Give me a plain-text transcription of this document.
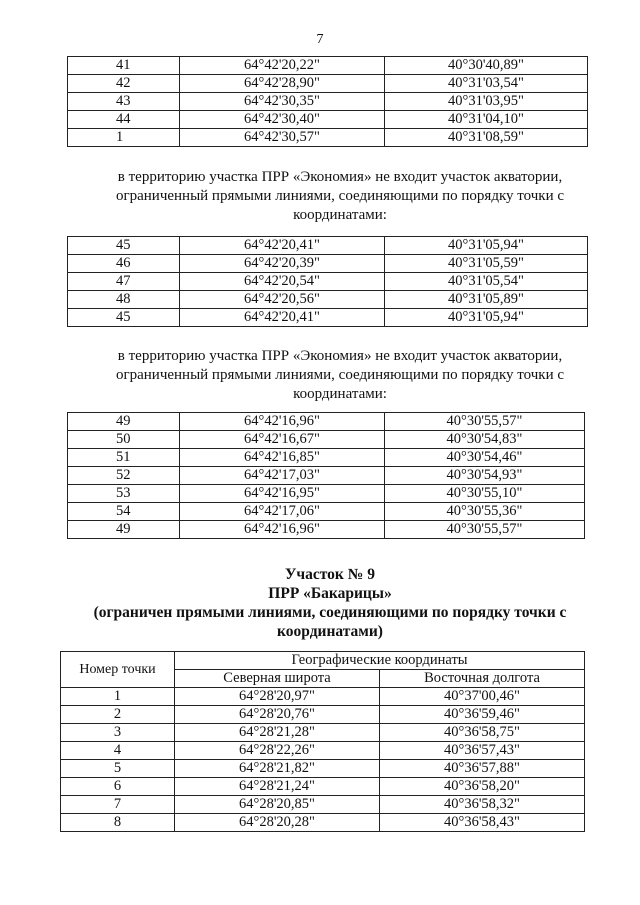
7
41	64°42'20,22"	40°30'40,89"
42	64°42'28,90"	40°31'03,54"
43	64°42'30,35"	40°31'03,95"
44	64°42'30,40"	40°31'04,10"
1	64°42'30,57"	40°31'08,59"
в территорию участка ПРР «Экономия» не входит участок акватории, ограниченный прямыми линиями, соединяющими по порядку точки с координатами:
45	64°42'20,41"	40°31'05,94"
46	64°42'20,39"	40°31'05,59"
47	64°42'20,54"	40°31'05,54"
48	64°42'20,56"	40°31'05,89"
45	64°42'20,41"	40°31'05,94"
в территорию участка ПРР «Экономия» не входит участок акватории, ограниченный прямыми линиями, соединяющими по порядку точки с координатами:
49	64°42'16,96"	40°30'55,57"
50	64°42'16,67"	40°30'54,83"
51	64°42'16,85"	40°30'54,46"
52	64°42'17,03"	40°30'54,93"
53	64°42'16,95"	40°30'55,10"
54	64°42'17,06"	40°30'55,36"
49	64°42'16,96"	40°30'55,57"
Участок № 9
ПРР «Бакарицы»
(ограничен прямыми линиями, соединяющими по порядку точки с координатами)
Номер точки	Географические координаты	
	Северная широта	Восточная долгота
1	64°28'20,97"	40°37'00,46"
2	64°28'20,76"	40°36'59,46"
3	64°28'21,28"	40°36'58,75"
4	64°28'22,26"	40°36'57,43"
5	64°28'21,82"	40°36'57,88"
6	64°28'21,24"	40°36'58,20"
7	64°28'20,85"	40°36'58,32"
8	64°28'20,28"	40°36'58,43"
